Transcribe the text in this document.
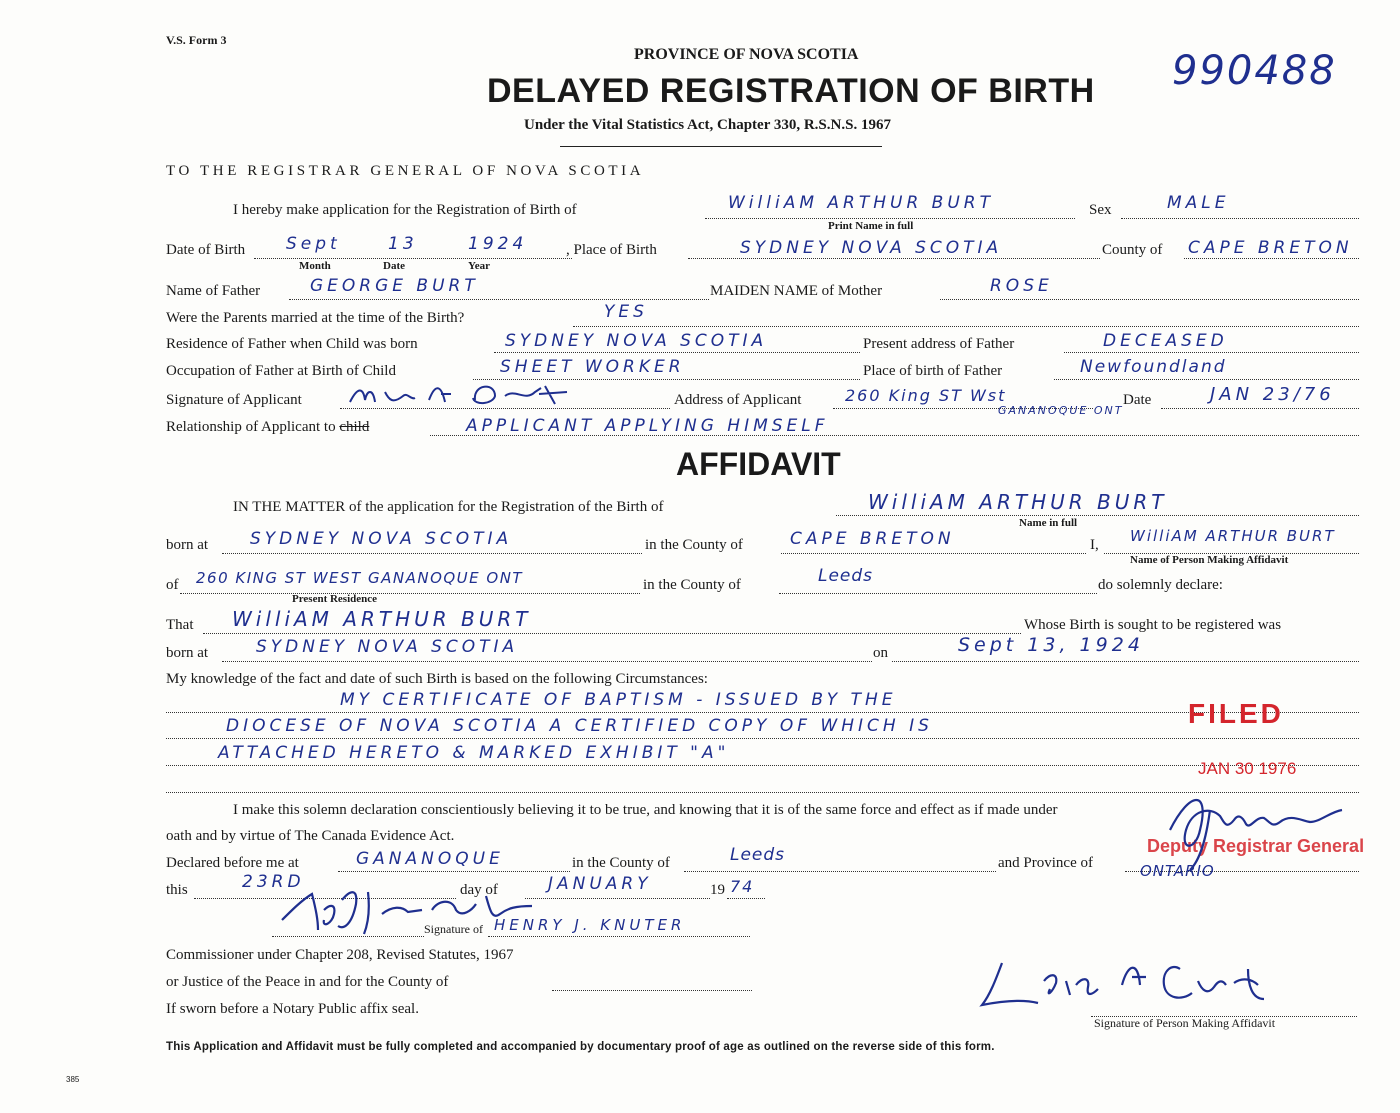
V.S. Form 3
PROVINCE OF NOVA SCOTIA
DELAYED REGISTRATION OF BIRTH
Under the Vital Statistics Act, Chapter 330, R.S.N.S. 1967
990488
TO THE REGISTRAR GENERAL OF NOVA SCOTIA
I hereby make application for the Registration of Birth of	WilliAM ARTHUR BURT
Print Name in full
Sex	MALE
Date of Birth Sept	13	1924
Month	Date	Year
, Place of Birth	SYDNEY NOVA SCOTIA	County of CAPE BRETON
Name of Father	GEORGE BURT	MAIDEN NAME of Mother	ROSE
Were the Parents married at the time of the Birth?	YES
Residence of Father when Child was born	SYDNEY NOVA SCOTIA	Present address of Father	DECEASED
Occupation of Father at Birth of Child	SHEET WORKER	Place of birth of Father	Newfoundland
Signature of Applicant	Address of Applicant	260 King ST Wst
GANANOQUE ONT
Date	JAN 23/76
Relationship of Applicant to child	APPLICANT APPLYING HIMSELF
AFFIDAVIT
IN THE MATTER of the application for the Registration of the Birth of	WilliAM ARTHUR BURT
Name in full
born at SYDNEY NOVA SCOTIA	in the County of	CAPE BRETON	I, WilliAM ARTHUR BURT
Name of Person Making Affidavit
of 260 KING ST WEST GANANOQUE ONT
Present Residence
in the County of	Leeds	do solemnly declare:
That WilliAM ARTHUR BURT	Whose Birth is sought to be registered was
born at	SYDNEY NOVA SCOTIA	on	Sept 13, 1924
My knowledge of the fact and date of such Birth is based on the following Circumstances:
MY CERTIFICATE OF BAPTISM - ISSUED BY THE
DIOCESE OF NOVA SCOTIA A CERTIFIED COPY OF WHICH IS
ATTACHED HERETO & MARKED EXHIBIT "A"
FILED
JAN 30 1976
I make this solemn declaration conscientiously believing it to be true, and knowing that it is of the same force and effect as if made under
oath and by virtue of The Canada Evidence Act.	Deputy Registrar General
Declared before me at	GANANOQUE	in the County of	Leeds	and Province of	ONTARIO
this	23RD	day of	JANUARY	19 74
Signature of HENRY J. KNUTER
Commissioner under Chapter 208, Revised Statutes, 1967
or Justice of the Peace in and for the County of
If sworn before a Notary Public affix seal.
Signature of Person Making Affidavit
This Application and Affidavit must be fully completed and accompanied by documentary proof of age as outlined on the reverse side of this form.
385
